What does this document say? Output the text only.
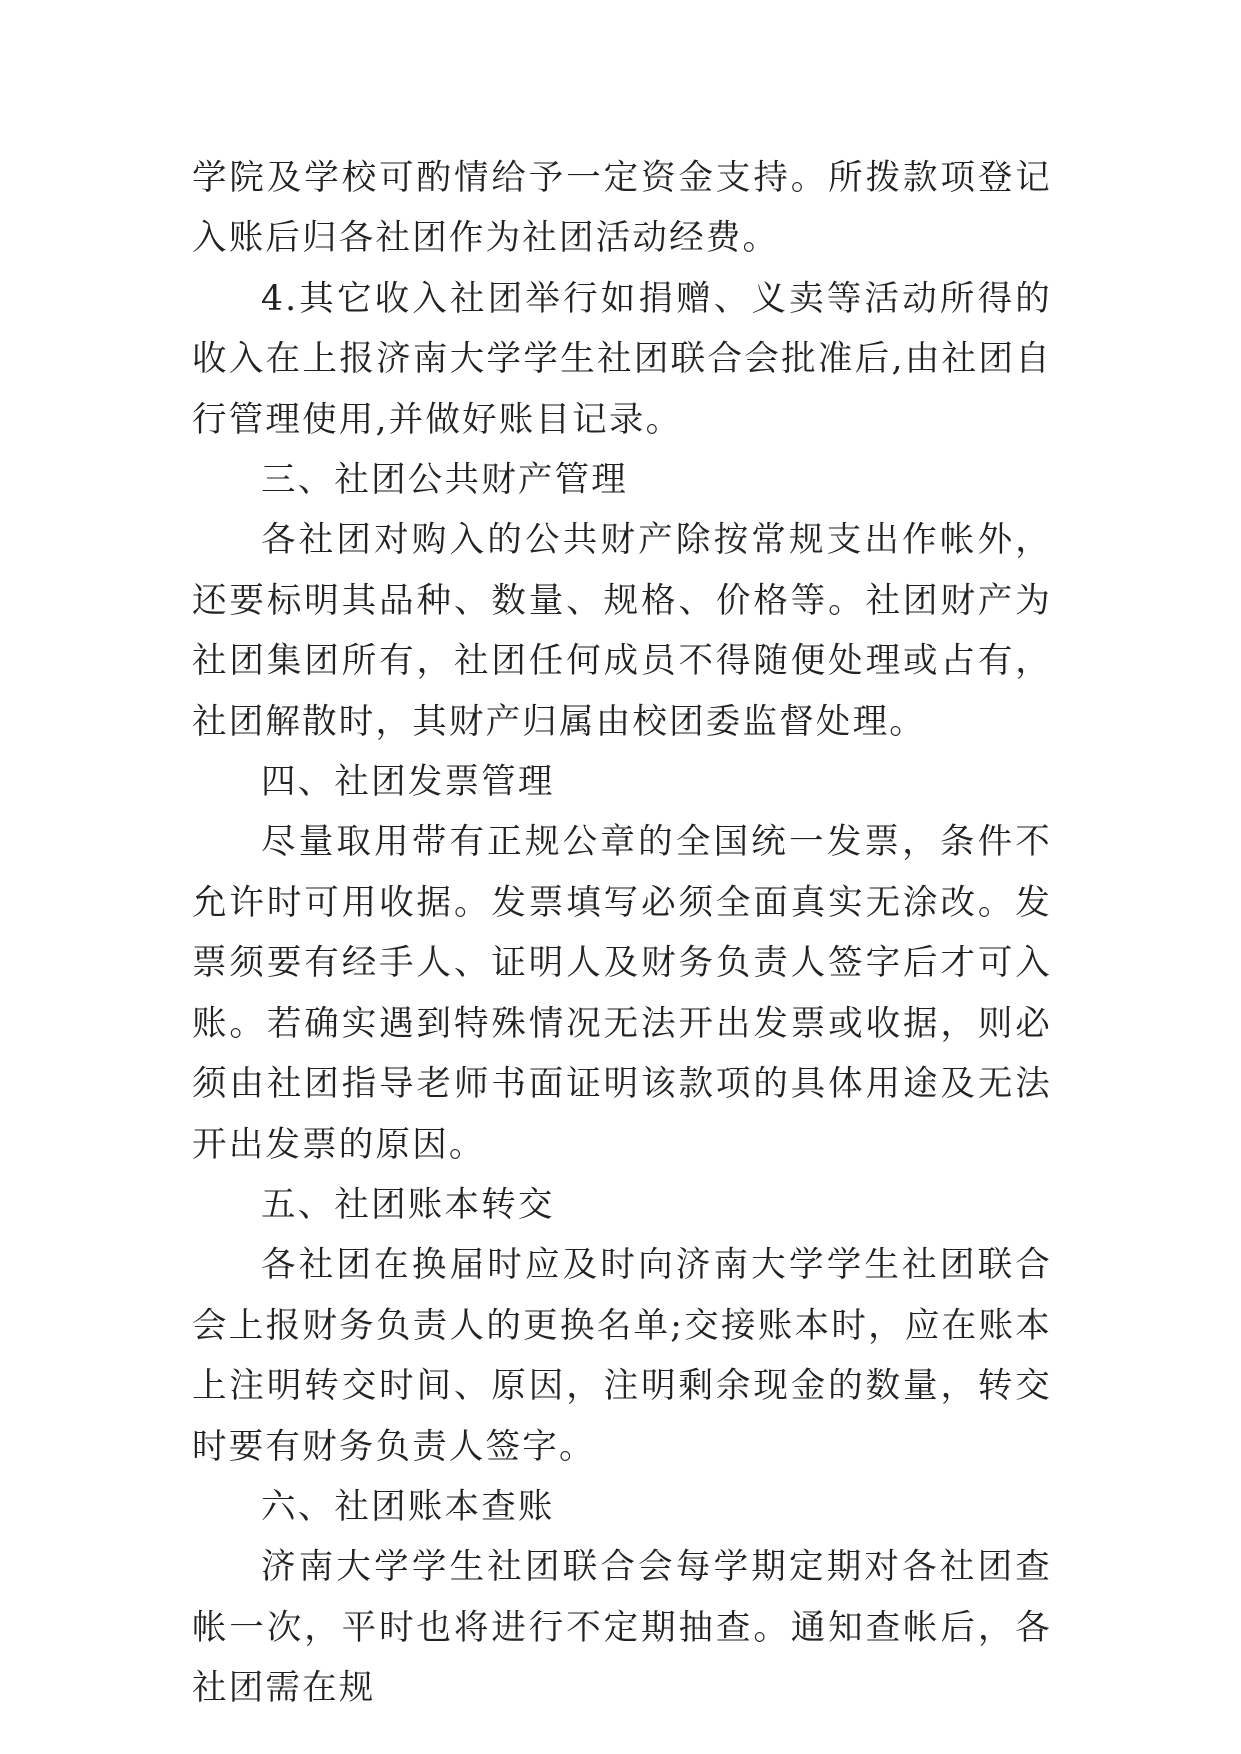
学院及学校可酌情给予一定资金支持。所拨款项登记入账后归各社团作为社团活动经费。

4.其它收入社团举行如捐赠、义卖等活动所得的收入在上报济南大学学生社团联合会批准后,由社团自行管理使用,并做好账目记录。

三、社团公共财产管理

各社团对购入的公共财产除按常规支出作帐外，还要标明其品种、数量、规格、价格等。社团财产为社团集团所有，社团任何成员不得随便处理或占有，社团解散时，其财产归属由校团委监督处理。

四、社团发票管理

尽量取用带有正规公章的全国统一发票，条件不允许时可用收据。发票填写必须全面真实无涂改。发票须要有经手人、证明人及财务负责人签字后才可入账。若确实遇到特殊情况无法开出发票或收据，则必须由社团指导老师书面证明该款项的具体用途及无法开出发票的原因。

五、社团账本转交

各社团在换届时应及时向济南大学学生社团联合会上报财务负责人的更换名单;交接账本时，应在账本上注明转交时间、原因，注明剩余现金的数量，转交时要有财务负责人签字。

六、社团账本查账

济南大学学生社团联合会每学期定期对各社团查帐一次，平时也将进行不定期抽查。通知查帐后，各社团需在规
